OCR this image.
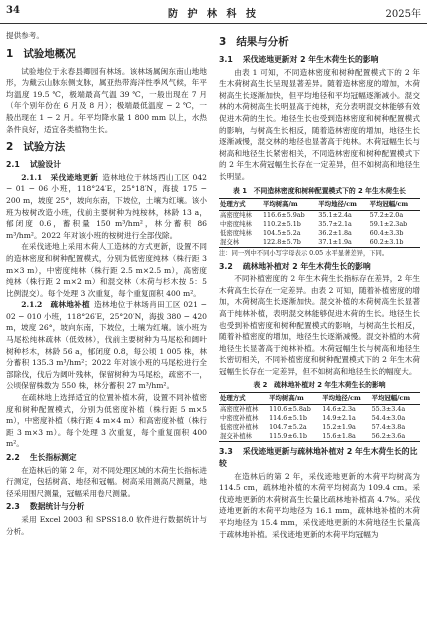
34	防 护 林 科 技	2025年

提供参考。

1 试验地概况

试验地位于永春县卿园有林场。该林场属闽东南山地地形，为戴云山脉东侧支脉，属亚热带海洋性季风气候，年平均温度 19.5 ℃，极端最高气温 39 ℃，一般出现在 7 月（年个别年份在 6 月及 8 月）；极端最低温度 − 2 ℃，一般出现在 1 − 2 月。年平均降水量 1 800 mm 以上，水热条件良好，适宜各类植物生长。

2 试验方法
2.1 试验设计

2.1.1　采伐迹地更新  造林地位于林场西山工区 042 − 01 − 06 小班，118°24′E，25°18′N，海拔 175 − 200 m，坡度 25°，坡向东南，下坡位，土壤为红壤。该小班为桉树改造小班，伐前主要树种为纯桉林，林龄 13 a，郁闭度 0.6，蓄积量 150 m³/hm²，林分蓄积 86 m³/hm²。2022 年对该小班的桉树进行全部伐除。

在采伐迹地上采用木荷人工造林的方式更新，设置不同的造林密度和树种配置模式，分别为低密度纯林（株行距 3 m×3 m），中密度纯林（株行距 2.5 m×2.5 m），高密度纯林（株行距 2 m×2 m）和混交林（木荷与杉木按 5：5 比例混交）。每个处理 3 次重复，每个重复面积 400 m²。

2.1.2　疏林地补植  造林地位于林场肖田工区 021 − 02 − 010 小班，118°26′E，25°20′N，海拔 380 − 420 m，坡度 26°，坡向东南，下坡位，土壤为红壤。该小班为马尾松纯林疏林（低效林），伐前主要树种为马尾松和阔叶树种杉木，林龄 56 a，郁闭度 0.8，每公顷 1 005 株，林分蓄积 135.3 m³/hm²；2022 年对该小班的马尾松进行全部除伐，伐后为阔叶残林，保留树种为马尾松，疏密不一，公顷保留株数为 550 株，林分蓄积 27 m³/hm²。

在疏林地上选择适宜的位置补植木荷，设置不同补植密度和树种配置模式，分别为低密度补植（株行距 5 m×5 m），中密度补植（株行距 4 m×4 m）和高密度补植（株行距 3 m×3 m）。每个处理 3 次重复，每个重复面积 400 m²。

2.2 生长指标测定

在造林后的第 2 年，对不同处理区域的木荷生长指标进行测定，包括树高、地径和冠幅。树高采用测高尺测量，地径采用围尺测量，冠幅采用卷尺测量。

2.3 数据统计与分析

采用 Excel 2003 和 SPSS18.0 软件进行数据统计与分析。

3 结果与分析
3.1 采伐迹地更新对 2 年生木荷生长的影响

由表 1 可知，不同造林密度和树种配置模式下的 2 年生木荷树高生长呈现显著差异。随着造林密度的增加，木荷树高生长逐渐加快，但平均地径和平均冠幅逐渐减小。混交林的木荷树高生长明显高于纯林，充分表明混交林能够有效促进木荷的生长。地径生长也受到造林密度和树种配置模式的影响，与树高生长相反，随着造林密度的增加，地径生长逐渐减慢，混交林的地径也显著高于纯林。木荷冠幅生长与树高和地径生长紧密相关，不同造林密度和树种配置模式下的 2 年生木荷冠幅生长存在一定差异，但不如树高和地径生长明显。

表 1　不同造林密度和树种配置模式下的 2 年生木荷生长
处理方式	平均树高/m	平均地径/cm	平均冠幅/cm
高密度纯林	116.6±5.9ab	35.1±2.4a	57.2±2.0a
中密度纯林	110.2±5.1b	35.7±2.1a	59.1±2.3ab
低密度纯林	104.5±5.2a	36.2±1.8a	60.4±3.3b
混交林	122.8±5.7b	37.1±1.9a	60.2±3.1b
注：同一列中不同小写字母表示 0.05 水平显著差异，下同。
3.2 疏林地补植对 2 年生木荷生长的影响

不同补植密度的 2 年生木荷生长指标存在差异，2 年生木荷高生长存在一定差异。由表 2 可知，随着补植密度的增加，木荷树高生长逐渐加快。混交补植的木荷树高生长显著高于纯林补植，表明混交林能够促进木荷的生长。地径生长也受到补植密度和树种配置模式的影响，与树高生长相反，随着补植密度的增加，地径生长逐渐减慢。混交补植的木荷地径生长显著高于纯林补植。木荷冠幅生长与树高和地径生长密切相关，不同补植密度和树种配置模式下的 2 年生木荷冠幅生长存在一定差异，但不如树高和地径生长的幅度大。

表 2　疏林地补植对 2 年生木荷生长的影响
处理方式	平均树高/m	平均地径/cm	平均冠幅/cm
高密度补植林	110.6±5.8ab	14.6±2.3a	55.3±3.4a
中密度补植林	114.6±5.1b	14.9±2.1a	54.4±3.0a
低密度补植林	104.7±5.2a	15.2±1.9a	57.4±3.8a
混交补植林	115.9±6.1b	15.6±1.8a	56.2±3.6a
3.3 采伐迹地更新与疏林地补植对 2 年生木荷生长的比较

在造林后的第 2 年，采伐迹地更新的木荷平均树高为 114.5 cm，疏林地补植的木荷平均树高为 109.4 cm。采伐迹地更新的木荷树高生长量比疏林地补植高 4.7%。采伐迹地更新的木荷平均地径为 16.1 mm，疏林地补植的木荷平均地径为 15.4 mm，采伐迹地更新的木荷地径生长量高于疏林地补植。采伐迹地更新的木荷平均冠幅为
